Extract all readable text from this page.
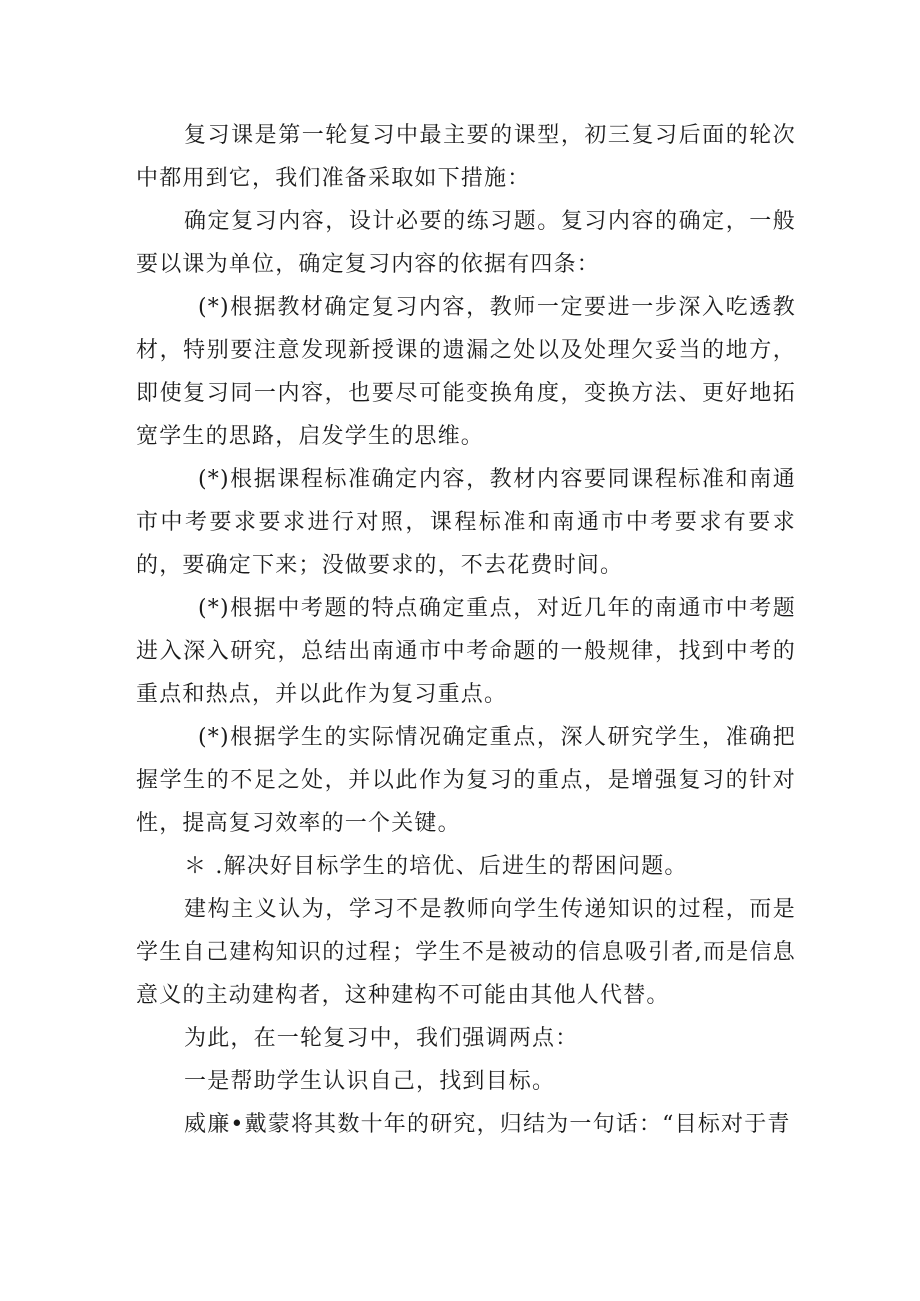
复习课是第一轮复习中最主要的课型，初三复习后面的轮次中都用到它，我们准备采取如下措施：

确定复习内容，设计必要的练习题。复习内容的确定，一般要以课为单位，确定复习内容的依据有四条：

(*)根据教材确定复习内容，教师一定要进一步深入吃透教材，特别要注意发现新授课的遗漏之处以及处理欠妥当的地方，即使复习同一内容，也要尽可能变换角度，变换方法、更好地拓宽学生的思路，启发学生的思维。

(*)根据课程标准确定内容，教材内容要同课程标准和南通市中考要求要求进行对照，课程标准和南通市中考要求有要求的，要确定下来；没做要求的，不去花费时间。

(*)根据中考题的特点确定重点，对近几年的南通市中考题进入深入研究，总结出南通市中考命题的一般规律，找到中考的重点和热点，并以此作为复习重点。

(*)根据学生的实际情况确定重点，深人研究学生，准确把握学生的不足之处，并以此作为复习的重点，是增强复习的针对性，提高复习效率的一个关键。

＊ .解决好目标学生的培优、后进生的帮困问题。

建构主义认为，学习不是教师向学生传递知识的过程，而是学生自己建构知识的过程；学生不是被动的信息吸引者,而是信息意义的主动建构者，这种建构不可能由其他人代替。

为此，在一轮复习中，我们强调两点：

一是帮助学生认识自己，找到目标。

威廉•戴蒙将其数十年的研究，归结为一句话：“目标对于青
